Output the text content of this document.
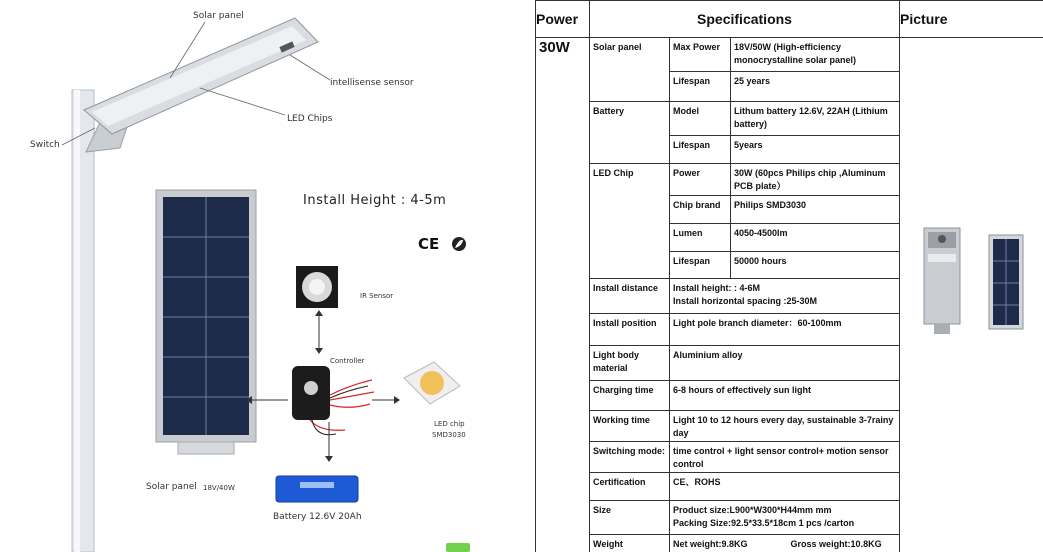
Solar panel
intellisense sensor
LED Chips
Switch
Install Height : 4-5m
CE
IR Sensor
Controller
LED chip
SMD3030
Solar panel 18V/40W
Battery 12.6V 20Ah
Power	Specifications			Picture
30W	Solar panel	Max Power	18V/50W (High-efficiency monocrystalline solar panel)	

		Lifespan	25 years	
	Battery	Model	Lithum battery 12.6V, 22AH (Lithium battery)	
		Lifespan	5years	
	LED Chip	Power	30W (60pcs Philips chip ,Aluminum PCB plate）	
		Chip brand	Philips SMD3030	
		Lumen	4050-4500lm	
		Lifespan	50000 hours	
	Install distance	Install height: : 4-6M
Install horizontal spacing :25-30M		

	Install position	Light pole branch diameter：60-100mm		
	Light body material	Aluminium alloy		
	Charging time	6-8 hours of effectively sun light		
	Working time	Light 10 to 12 hours every day, sustainable 3-7rainy day		
	Switching mode:	time control + light sensor control+ motion sensor control		
	Certification	CE、ROHS		
	Size	Product size:L900*W300*H44mm mm
Packing Size:92.5*33.5*18cm 1 pcs /carton		

	Weight	Net weight:9.8KG Gross weight:10.8KG		
